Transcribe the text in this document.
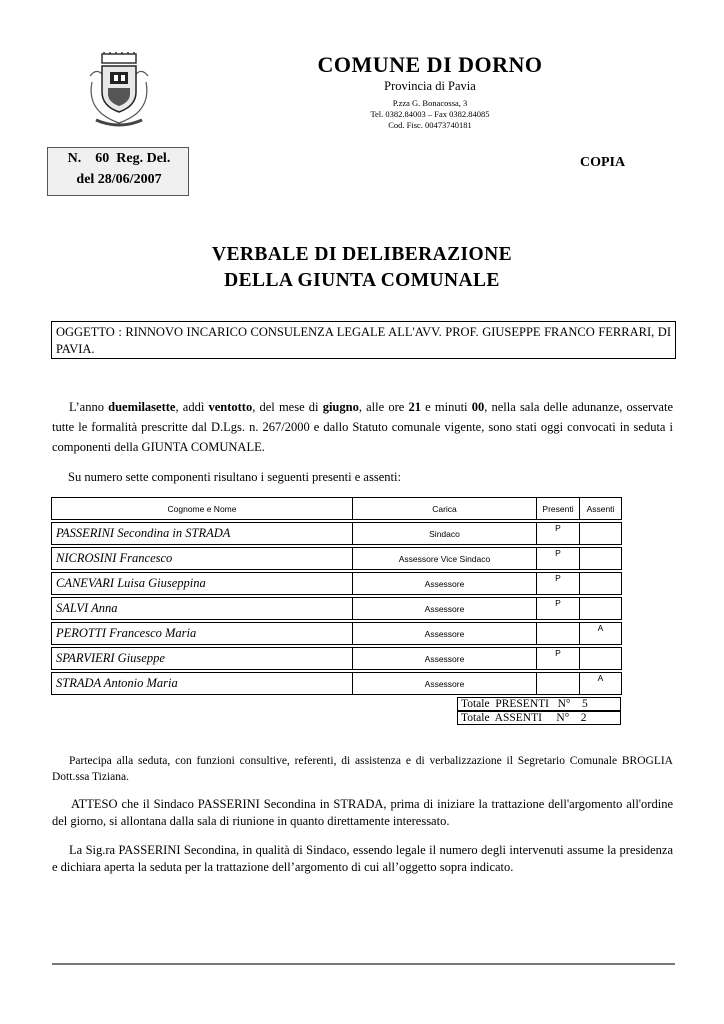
COMUNE DI DORNO
Provincia di Pavia
P.zza G. Bonacossa, 3
Tel. 0382.84003 – Fax 0382.84085
Cod. Fisc. 00473740181
N.    60  Reg. Del.
del 28/06/2007
COPIA
VERBALE DI DELIBERAZIONE
DELLA GIUNTA COMUNALE
OGGETTO : RINNOVO INCARICO CONSULENZA LEGALE ALL'AVV. PROF. GIUSEPPE FRANCO FERRARI, DI PAVIA.

L’anno duemilasette, addì ventotto, del mese di giugno, alle ore 21 e minuti 00, nella sala delle adunanze, osservate tutte le formalità prescritte dal D.Lgs. n. 267/2000 e dallo Statuto comunale vigente, sono stati oggi convocati in seduta i componenti della GIUNTA COMUNALE.

Su numero sette componenti risultano i seguenti presenti e assenti:
Cognome e Nome	Carica	Presenti	Assenti

PASSERINI Secondina in STRADA	Sindaco	P	

NICROSINI Francesco	Assessore Vice Sindaco	P	

CANEVARI Luisa Giuseppina	Assessore	P	

SALVI Anna	Assessore	P	

PEROTTI Francesco Maria	Assessore		A

SPARVIERI Giuseppe	Assessore	P	

STRADA Antonio Maria	Assessore		A
Totale  PRESENTI   N°    5
Totale  ASSENTI     N°    2

Partecipa alla seduta, con funzioni consultive, referenti, di assistenza e di verbalizzazione il Segretario Comunale BROGLIA Dott.ssa Tiziana.

ATTESO che il Sindaco PASSERINI Secondina in STRADA, prima di iniziare la trattazione dell'argomento all'ordine del giorno, si allontana dalla sala di riunione in quanto direttamente interessato.

La Sig.ra PASSERINI Secondina, in qualità di Sindaco, essendo legale il numero degli intervenuti assume la presidenza e dichiara aperta la seduta per la trattazione dell’argomento di cui all’oggetto sopra indicato.
